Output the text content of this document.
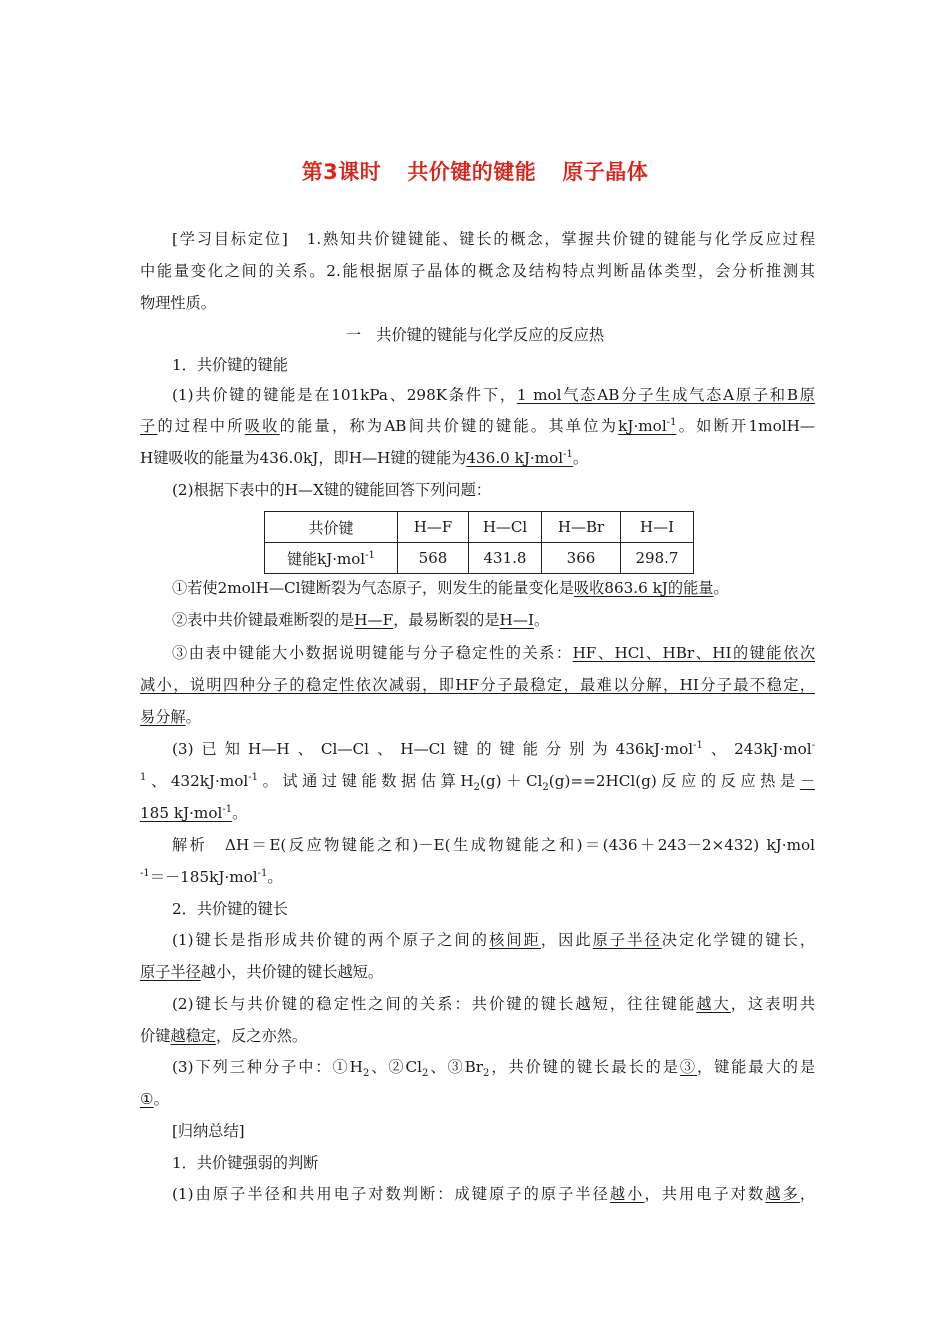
第3课时 共价键的键能 原子晶体
[学习目标定位]　1.熟知共价键键能、键长的概念，掌握共价键的键能与化学反应过程
中能量变化之间的关系。2.能根据原子晶体的概念及结构特点判断晶体类型，会分析推测其
物理性质。
一　共价键的键能与化学反应的反应热
1．共价键的键能
(1)共价键的键能是在101kPa、298K条件下，1 mol气态AB分子生成气态A原子和B原
子的过程中所吸收的能量，称为AB间共价键的键能。其单位为kJ·mol$^{-1}$。如断开1molH—
H键吸收的能量为436.0kJ，即H—H键的键能为436.0 kJ·mol$^{-1}$。
(2)根据下表中的H—X键的键能回答下列问题：
共价键	H—F	H—Cl	H—Br	H—I
键能kJ·mol$^{-1}$	568	431.8	366	298.7
①若使2molH—Cl键断裂为气态原子，则发生的能量变化是吸收863.6 kJ的能量。
②表中共价键最难断裂的是H—F，最易断裂的是H—I。
③由表中键能大小数据说明键能与分子稳定性的关系：HF、HCl、HBr、HI的键能依次
减小，说明四种分子的稳定性依次减弱，即HF分子最稳定，最难以分解，HI分子最不稳定，
易分解。
(3)已知H—H、Cl—Cl、H—Cl键的键能分别为436kJ·mol$^{-1}$、243kJ·mol-
$^1$、432kJ·mol$^{-1}$。试通过键能数据估算$H_2(g)+Cl_2(g)==2HCl(g)$反应的反应热是－
185 kJ·mol$^{-1}$。
解析　ΔH＝E(反应物键能之和)－E(生成物键能之和)＝(436＋243－2×432) kJ·mol
$^{-1}$＝－185kJ·mol$^{-1}$。
2．共价键的键长
(1)键长是指形成共价键的两个原子之间的核间距，因此原子半径决定化学键的键长，
原子半径越小，共价键的键长越短。
(2)键长与共价键的稳定性之间的关系：共价键的键长越短，往往键能越大，这表明共
价键越稳定，反之亦然。
(3)下列三种分子中：$①H_2$、$②Cl_2$、$③Br_2$，共价键的键长最长的是③，键能最大的是
①。
[归纳总结]
1．共价键强弱的判断
(1)由原子半径和共用电子对数判断：成键原子的原子半径越小，共用电子对数越多，
